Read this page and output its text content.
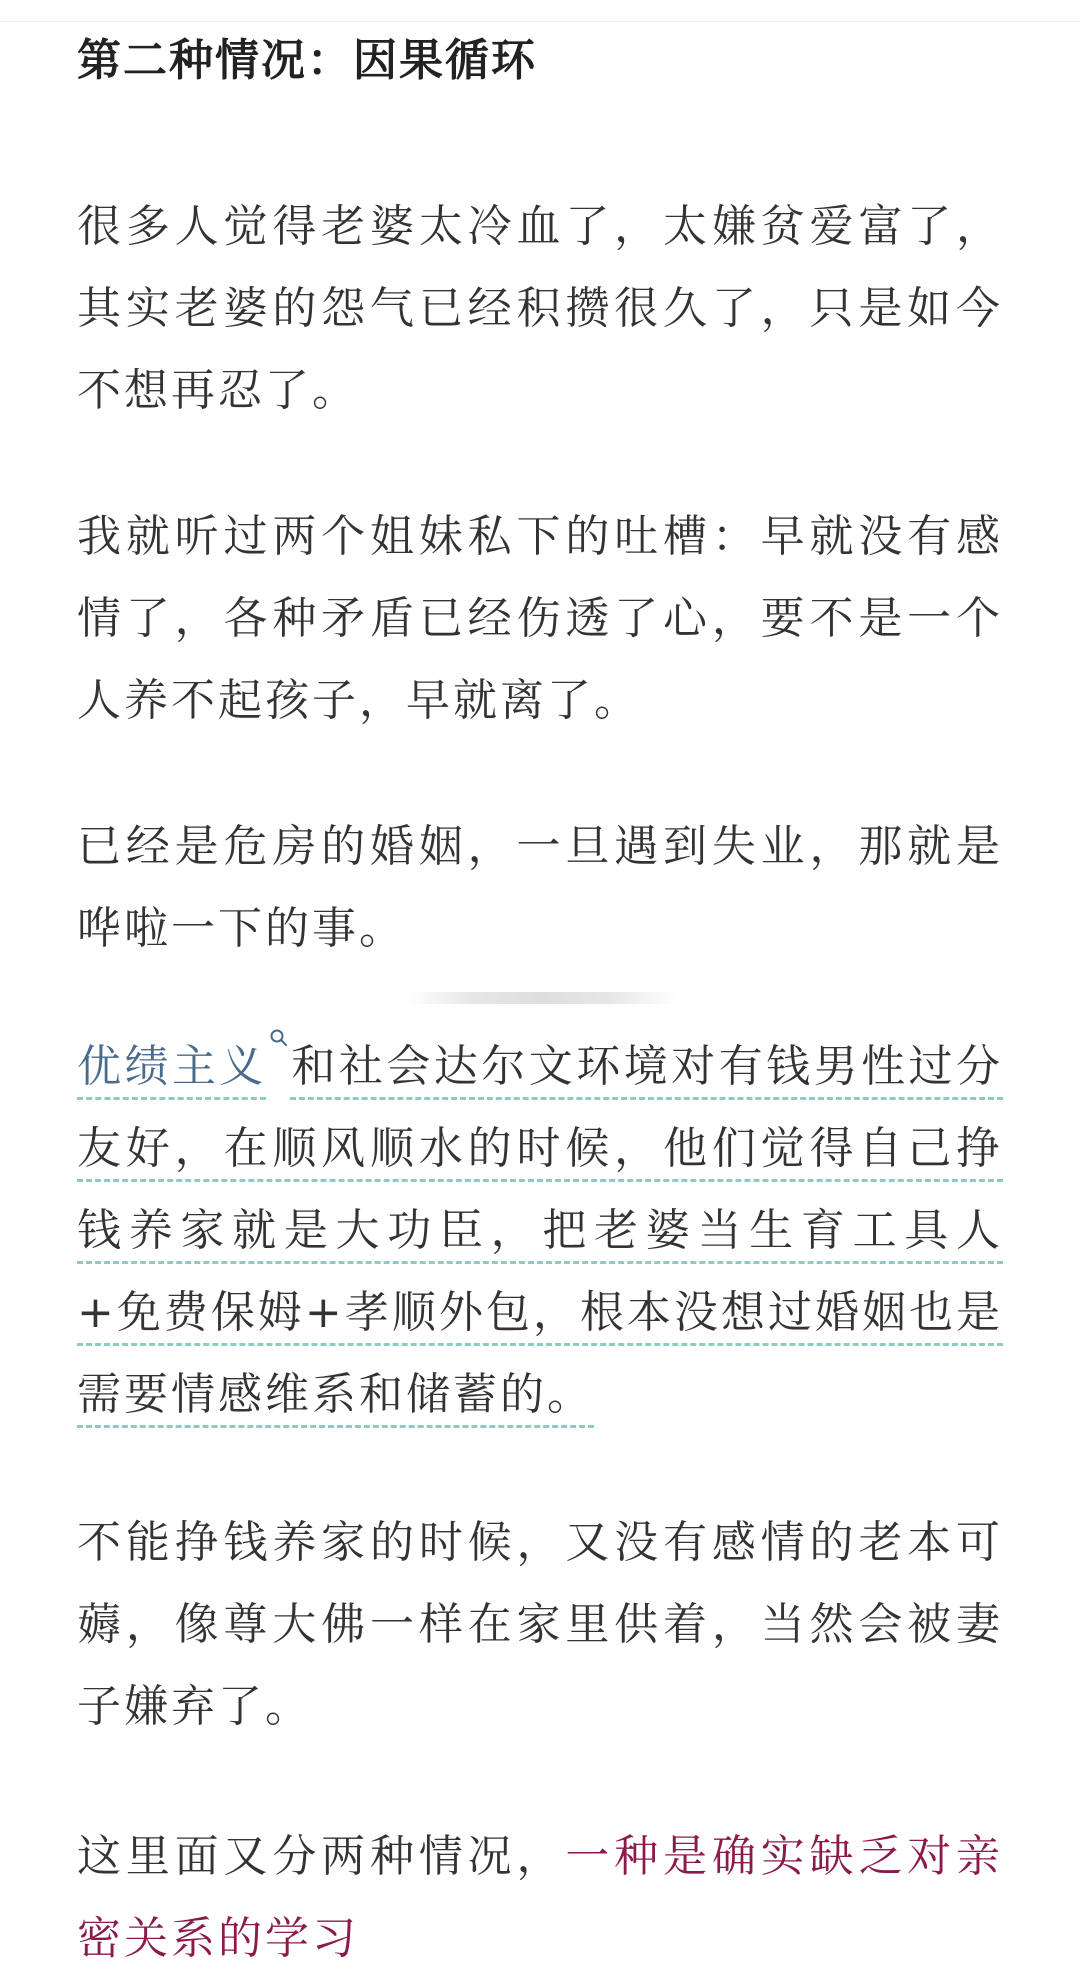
第二种情况：因果循环

很多人觉得老婆太冷血了，太嫌贫爱富了，其实老婆的怨气已经积攒很久了，只是如今不想再忍了。

我就听过两个姐妹私下的吐槽：早就没有感情了，各种矛盾已经伤透了心，要不是一个人养不起孩子，早就离了。

已经是危房的婚姻，一旦遇到失业，那就是哗啦一下的事。

优绩主义 和社会达尔文环境对有钱男性过分友好，在顺风顺水的时候，他们觉得自己挣钱养家就是大功臣，把老婆当生育工具人+免费保姆+孝顺外包，根本没想过婚姻也是需要情感维系和储蓄的。

不能挣钱养家的时候，又没有感情的老本可薅，像尊大佛一样在家里供着，当然会被妻子嫌弃了。

这里面又分两种情况，一种是确实缺乏对亲密关系的学习
